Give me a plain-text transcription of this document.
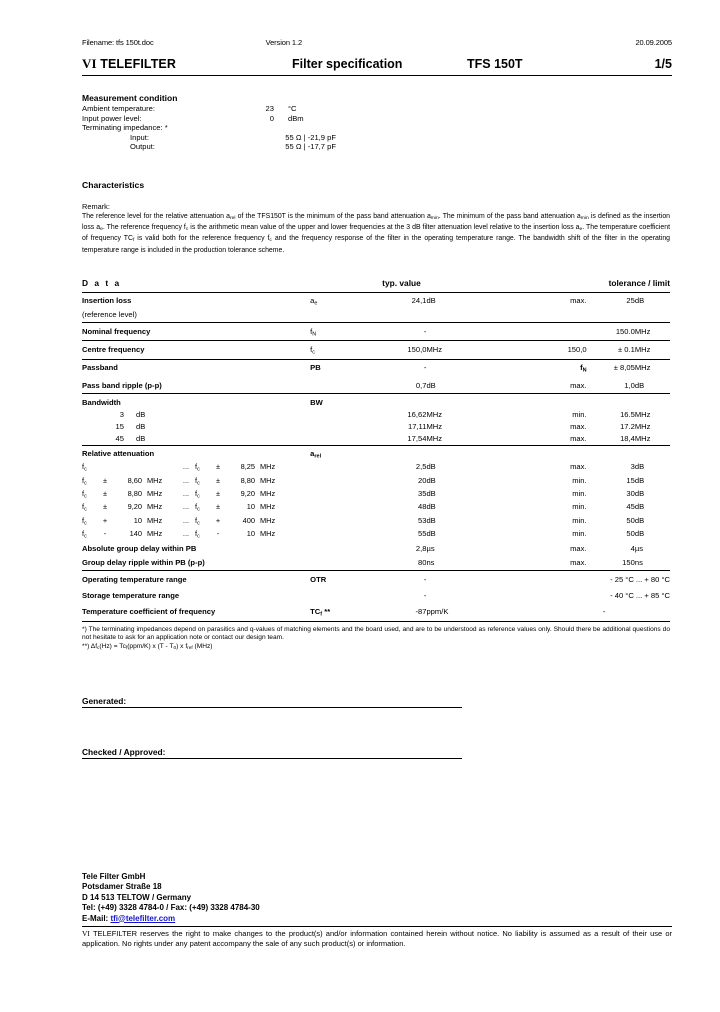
Filename: tfs 150t.doc	Version 1.2	20.09.2005
VI TELEFILTER	Filter specification	TFS 150T	1/5
Measurement condition
Ambient temperature:	23	°C
Input power level:	0	dBm
Terminating impedance: *
Input:	55 Ω | -21,9 pF
Output:	55 Ω | -17,7 pF
Characteristics
Remark:
The reference level for the relative attenuation $a_{rel}$ of the TFS150T is the minimum of the pass band attenuation $a_{min}$. The minimum of the pass band attenuation $a_{min}$ is defined as the insertion loss $a_e$. The reference frequency $f_c$ is the arithmetic mean value of the upper and lower frequencies at the 3 dB filter attenuation level relative to the insertion loss $a_e$. The temperature coefficient of frequency $TC_f$ is valid both for the reference frequency $f_c$ and the frequency response of the filter in the operating temperature range. The bandwidth shift of the filter in the operating temperature range is included in the production tolerance scheme.
D a t a		typ. value			tolerance / limit		
Insertion loss	$a_e$	24,1	dB		max.	25	dB
(reference level)							
Nominal frequency	$f_N$	-				150.0	MHz
Centre frequency	$f_c$	150,0	MHz		150,0	± 0.1	MHz
Passband	PB	-			$f_N$	± 8,05	MHz
Pass band ripple (p-p)		0,7	dB		max.	1,0	dB
Bandwidth	BW						
3 dB		16,62	MHz		min.	16.5	MHz
15 dB		17,11	MHz		max.	17.2	MHz
45 dB		17,54	MHz		max.	18,4	MHz
Relative attenuation	$a_{rel}$	
$f_c$ ... $f_c \pm 8,25$ MHz		2,5	dB		max.	3	dB
$f_c \pm 8,60$ MHz ... $f_c \pm 8,80$ MHz		20	dB		min.	15	dB
$f_c \pm 8,80$ MHz ... $f_c \pm 9,20$ MHz		35	dB		min.	30	dB
$f_c \pm 9,20$ MHz ... $f_c \pm 10$ MHz		48	dB		min.	45	dB
$f_c + 10$ MHz ... $f_c + 400$ MHz		53	dB		min.	50	dB
$f_c - 140$ MHz ... $f_c - 10$ MHz		55	dB		min.	50	dB
Absolute group delay within PB		2,8	µs		max.	4	µs
Group delay ripple within PB (p-p)		80	ns		max.	150	ns
Operating temperature range	OTR	-			- 25 °C ... + 80 °C		
Storage temperature range		-			- 40 °C ... + 85 °C		
Temperature coefficient of frequency	$TC_f$ **	-87	ppm/K		-		
*) The terminating impedances depend on parasitics and q-values of matching elements and the board used, and are to be understood as reference values only. Should there be additional questions do not hesitate to ask for an application note or contact our design team.
**) $\Delta f_c(Hz) = Tc_f(ppm/K)$ x $(T - T_0)$ x $f_{ref}$ (MHz)
Generated:
Checked / Approved:
Tele Filter GmbH
Potsdamer Straße 18
D 14 513 TELTOW / Germany
Tel: (+49) 3328 4784-0 / Fax: (+49) 3328 4784-30
E-Mail: tfi@telefilter.com
VI TELEFILTER reserves the right to make changes to the product(s) and/or information contained herein without notice. No liability is assumed as a result of their use or application. No rights under any patent accompany the sale of any such product(s) or information.
